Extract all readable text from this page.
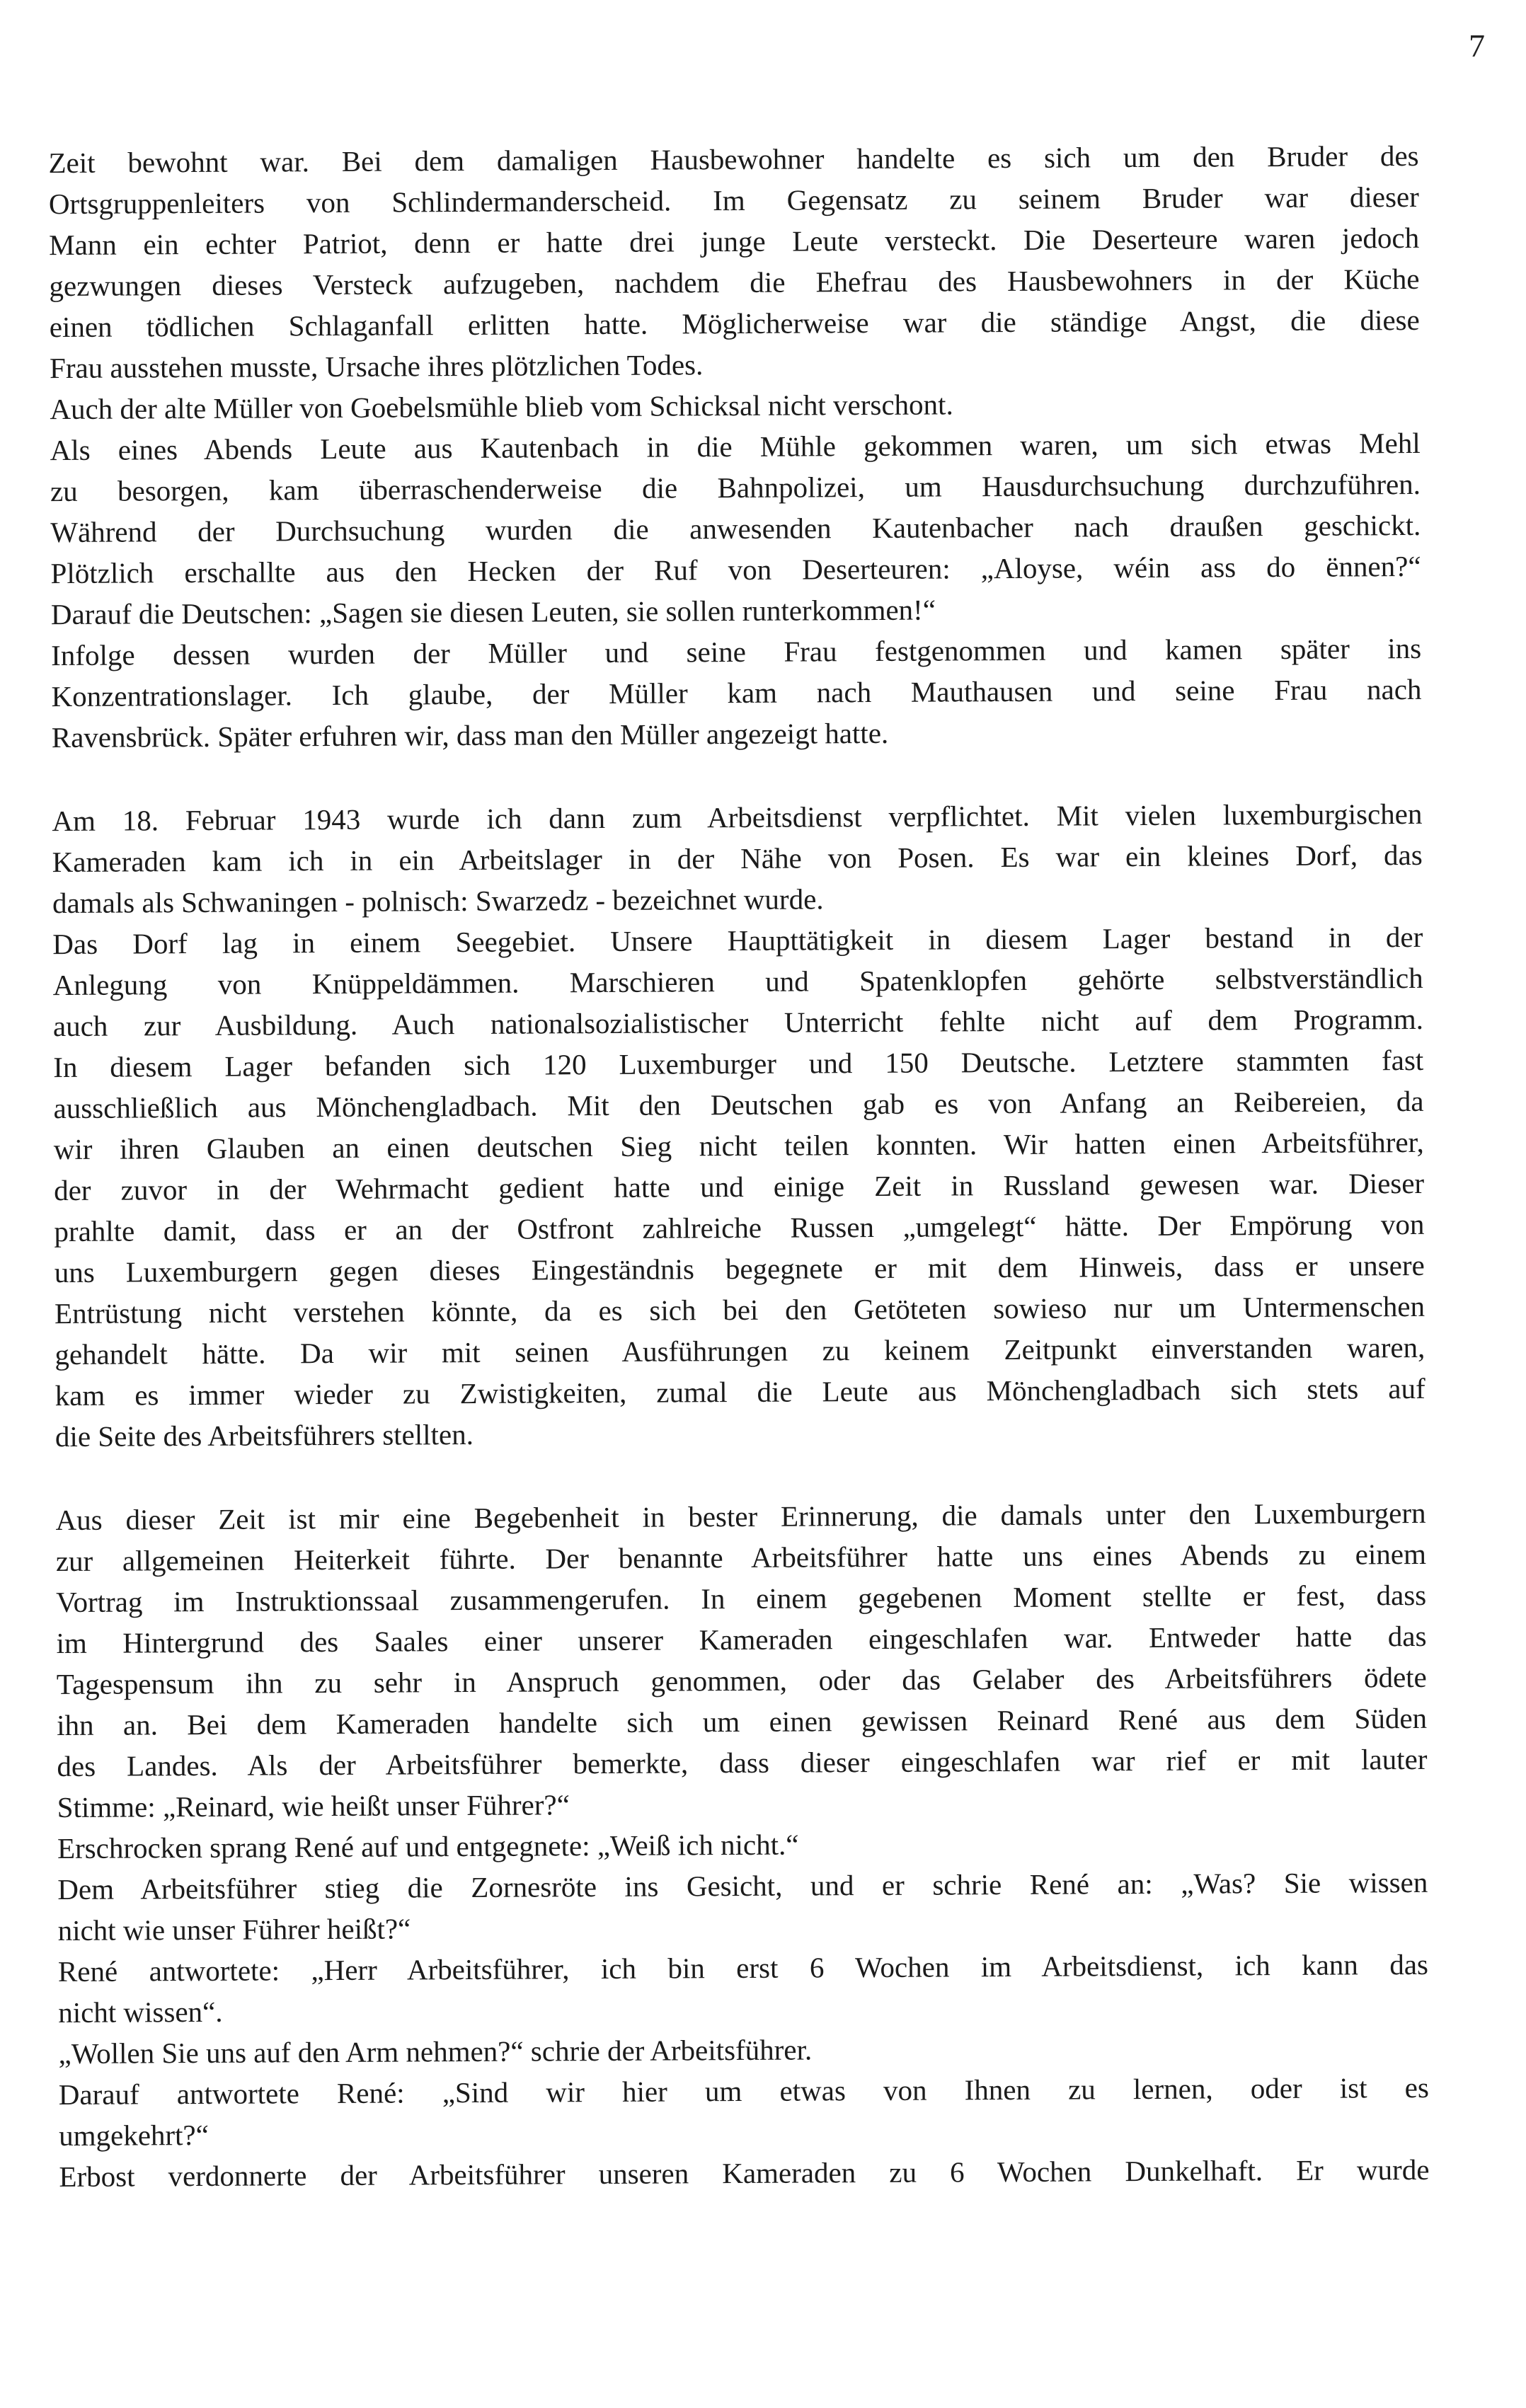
7
Zeit bewohnt war. Bei dem damaligen Hausbewohner handelte es sich um den Bruder des
Ortsgruppenleiters von Schlindermanderscheid. Im Gegensatz zu seinem Bruder war dieser
Mann ein echter Patriot, denn er hatte drei junge Leute versteckt. Die Deserteure waren jedoch
gezwungen dieses Versteck aufzugeben, nachdem die Ehefrau des Hausbewohners in der Küche
einen tödlichen Schlaganfall erlitten hatte. Möglicherweise war die ständige Angst, die diese
Frau ausstehen musste, Ursache ihres plötzlichen Todes.
Auch der alte Müller von Goebelsmühle blieb vom Schicksal nicht verschont.
Als eines Abends Leute aus Kautenbach in die Mühle gekommen waren, um sich etwas Mehl
zu besorgen, kam überraschenderweise die Bahnpolizei, um Hausdurchsuchung durchzuführen.
Während der Durchsuchung wurden die anwesenden Kautenbacher nach draußen geschickt.
Plötzlich erschallte aus den Hecken der Ruf von Deserteuren: „Aloyse, wéin ass do ënnen?“
Darauf die Deutschen: „Sagen sie diesen Leuten, sie sollen runterkommen!“
Infolge dessen wurden der Müller und seine Frau festgenommen und kamen später ins
Konzentrationslager. Ich glaube, der Müller kam nach Mauthausen und seine Frau nach
Ravensbrück. Später erfuhren wir, dass man den Müller angezeigt hatte.
Am 18. Februar 1943 wurde ich dann zum Arbeitsdienst verpflichtet. Mit vielen luxemburgischen
Kameraden kam ich in ein Arbeitslager in der Nähe von Posen. Es war ein kleines Dorf, das
damals als Schwaningen - polnisch: Swarzedz - bezeichnet wurde.
Das Dorf lag in einem Seegebiet. Unsere Haupttätigkeit in diesem Lager bestand in der
Anlegung von Knüppeldämmen. Marschieren und Spatenklopfen gehörte selbstverständlich
auch zur Ausbildung. Auch nationalsozialistischer Unterricht fehlte nicht auf dem Programm.
In diesem Lager befanden sich 120 Luxemburger und 150 Deutsche. Letztere stammten fast
ausschließlich aus Mönchengladbach. Mit den Deutschen gab es von Anfang an Reibereien, da
wir ihren Glauben an einen deutschen Sieg nicht teilen konnten. Wir hatten einen Arbeitsführer,
der zuvor in der Wehrmacht gedient hatte und einige Zeit in Russland gewesen war. Dieser
prahlte damit, dass er an der Ostfront zahlreiche Russen „umgelegt“ hätte. Der Empörung von
uns Luxemburgern gegen dieses Eingeständnis begegnete er mit dem Hinweis, dass er unsere
Entrüstung nicht verstehen könnte, da es sich bei den Getöteten sowieso nur um Untermenschen
gehandelt hätte. Da wir mit seinen Ausführungen zu keinem Zeitpunkt einverstanden waren,
kam es immer wieder zu Zwistigkeiten, zumal die Leute aus Mönchengladbach sich stets auf
die Seite des Arbeitsführers stellten.
Aus dieser Zeit ist mir eine Begebenheit in bester Erinnerung, die damals unter den Luxemburgern
zur allgemeinen Heiterkeit führte. Der benannte Arbeitsführer hatte uns eines Abends zu einem
Vortrag im Instruktionssaal zusammengerufen. In einem gegebenen Moment stellte er fest, dass
im Hintergrund des Saales einer unserer Kameraden eingeschlafen war. Entweder hatte das
Tagespensum ihn zu sehr in Anspruch genommen, oder das Gelaber des Arbeitsführers ödete
ihn an. Bei dem Kameraden handelte sich um einen gewissen Reinard René aus dem Süden
des Landes. Als der Arbeitsführer bemerkte, dass dieser eingeschlafen war rief er mit lauter
Stimme: „Reinard, wie heißt unser Führer?“
Erschrocken sprang René auf und entgegnete: „Weiß ich nicht.“
Dem Arbeitsführer stieg die Zornesröte ins Gesicht, und er schrie René an: „Was? Sie wissen
nicht wie unser Führer heißt?“
René antwortete: „Herr Arbeitsführer, ich bin erst 6 Wochen im Arbeitsdienst, ich kann das
nicht wissen“.
„Wollen Sie uns auf den Arm nehmen?“ schrie der Arbeitsführer.
Darauf antwortete René: „Sind wir hier um etwas von Ihnen zu lernen, oder ist es
umgekehrt?“
Erbost verdonnerte der Arbeitsführer unseren Kameraden zu 6 Wochen Dunkelhaft. Er wurde
